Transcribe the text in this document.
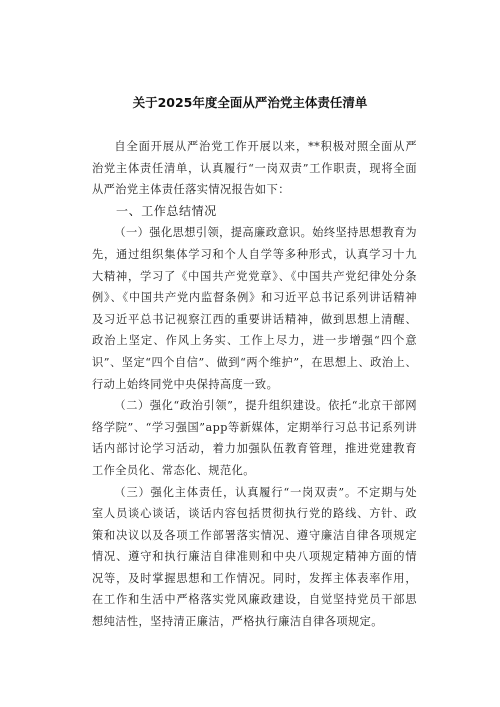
关于2025年度全面从严治党主体责任清单

自全面开展从严治党工作开展以来，**积极对照全面从严治党主体责任清单，认真履行“一岗双责”工作职责，现将全面从严治党主体责任落实情况报告如下：

一、工作总结情况

（一）强化思想引领，提高廉政意识。始终坚持思想教育为先，通过组织集体学习和个人自学等多种形式，认真学习十九大精神，学习了《中国共产党党章》、《中国共产党纪律处分条例》、《中国共产党内监督条例》和习近平总书记系列讲话精神及习近平总书记视察江西的重要讲话精神，做到思想上清醒、政治上坚定、作风上务实、工作上尽力，进一步增强“四个意识”、坚定“四个自信”、做到“两个维护”，在思想上、政治上、行动上始终同党中央保持高度一致。

（二）强化“政治引领”，提升组织建设。依托“北京干部网络学院”、“学习强国”app等新媒体，定期举行习总书记系列讲话内部讨论学习活动，着力加强队伍教育管理，推进党建教育工作全员化、常态化、规范化。

（三）强化主体责任，认真履行“一岗双责”。不定期与处室人员谈心谈话，谈话内容包括贯彻执行党的路线、方针、政策和决议以及各项工作部署落实情况、遵守廉洁自律各项规定情况、遵守和执行廉洁自律准则和中央八项规定精神方面的情况等，及时掌握思想和工作情况。同时，发挥主体表率作用，在工作和生活中严格落实党风廉政建设，自觉坚持党员干部思想纯洁性，坚持清正廉洁，严格执行廉洁自律各项规定。
